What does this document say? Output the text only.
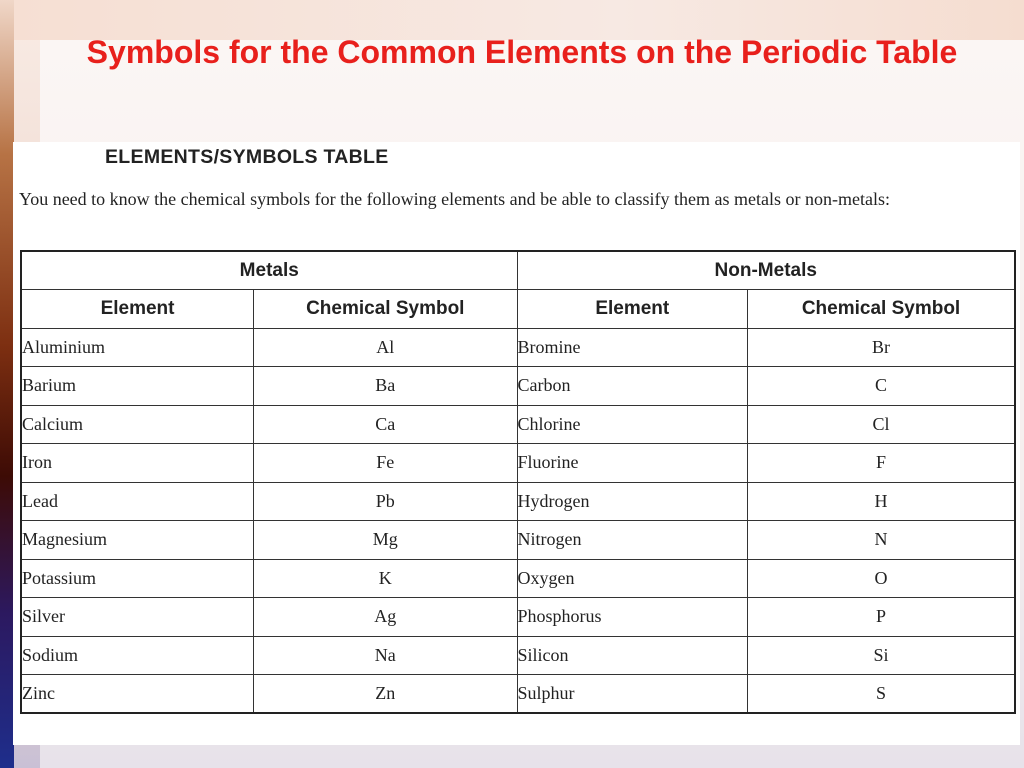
Symbols for the Common Elements on the Periodic Table
ELEMENTS/SYMBOLS TABLE
You need to know the chemical symbols for the following elements and be able to classify them as metals or non-metals:
Metals		Non-Metals	
Element	Chemical Symbol	Element	Chemical Symbol
Aluminium	Al	Bromine	Br
Barium	Ba	Carbon	C
Calcium	Ca	Chlorine	Cl
Iron	Fe	Fluorine	F
Lead	Pb	Hydrogen	H
Magnesium	Mg	Nitrogen	N
Potassium	K	Oxygen	O
Silver	Ag	Phosphorus	P
Sodium	Na	Silicon	Si
Zinc	Zn	Sulphur	S
